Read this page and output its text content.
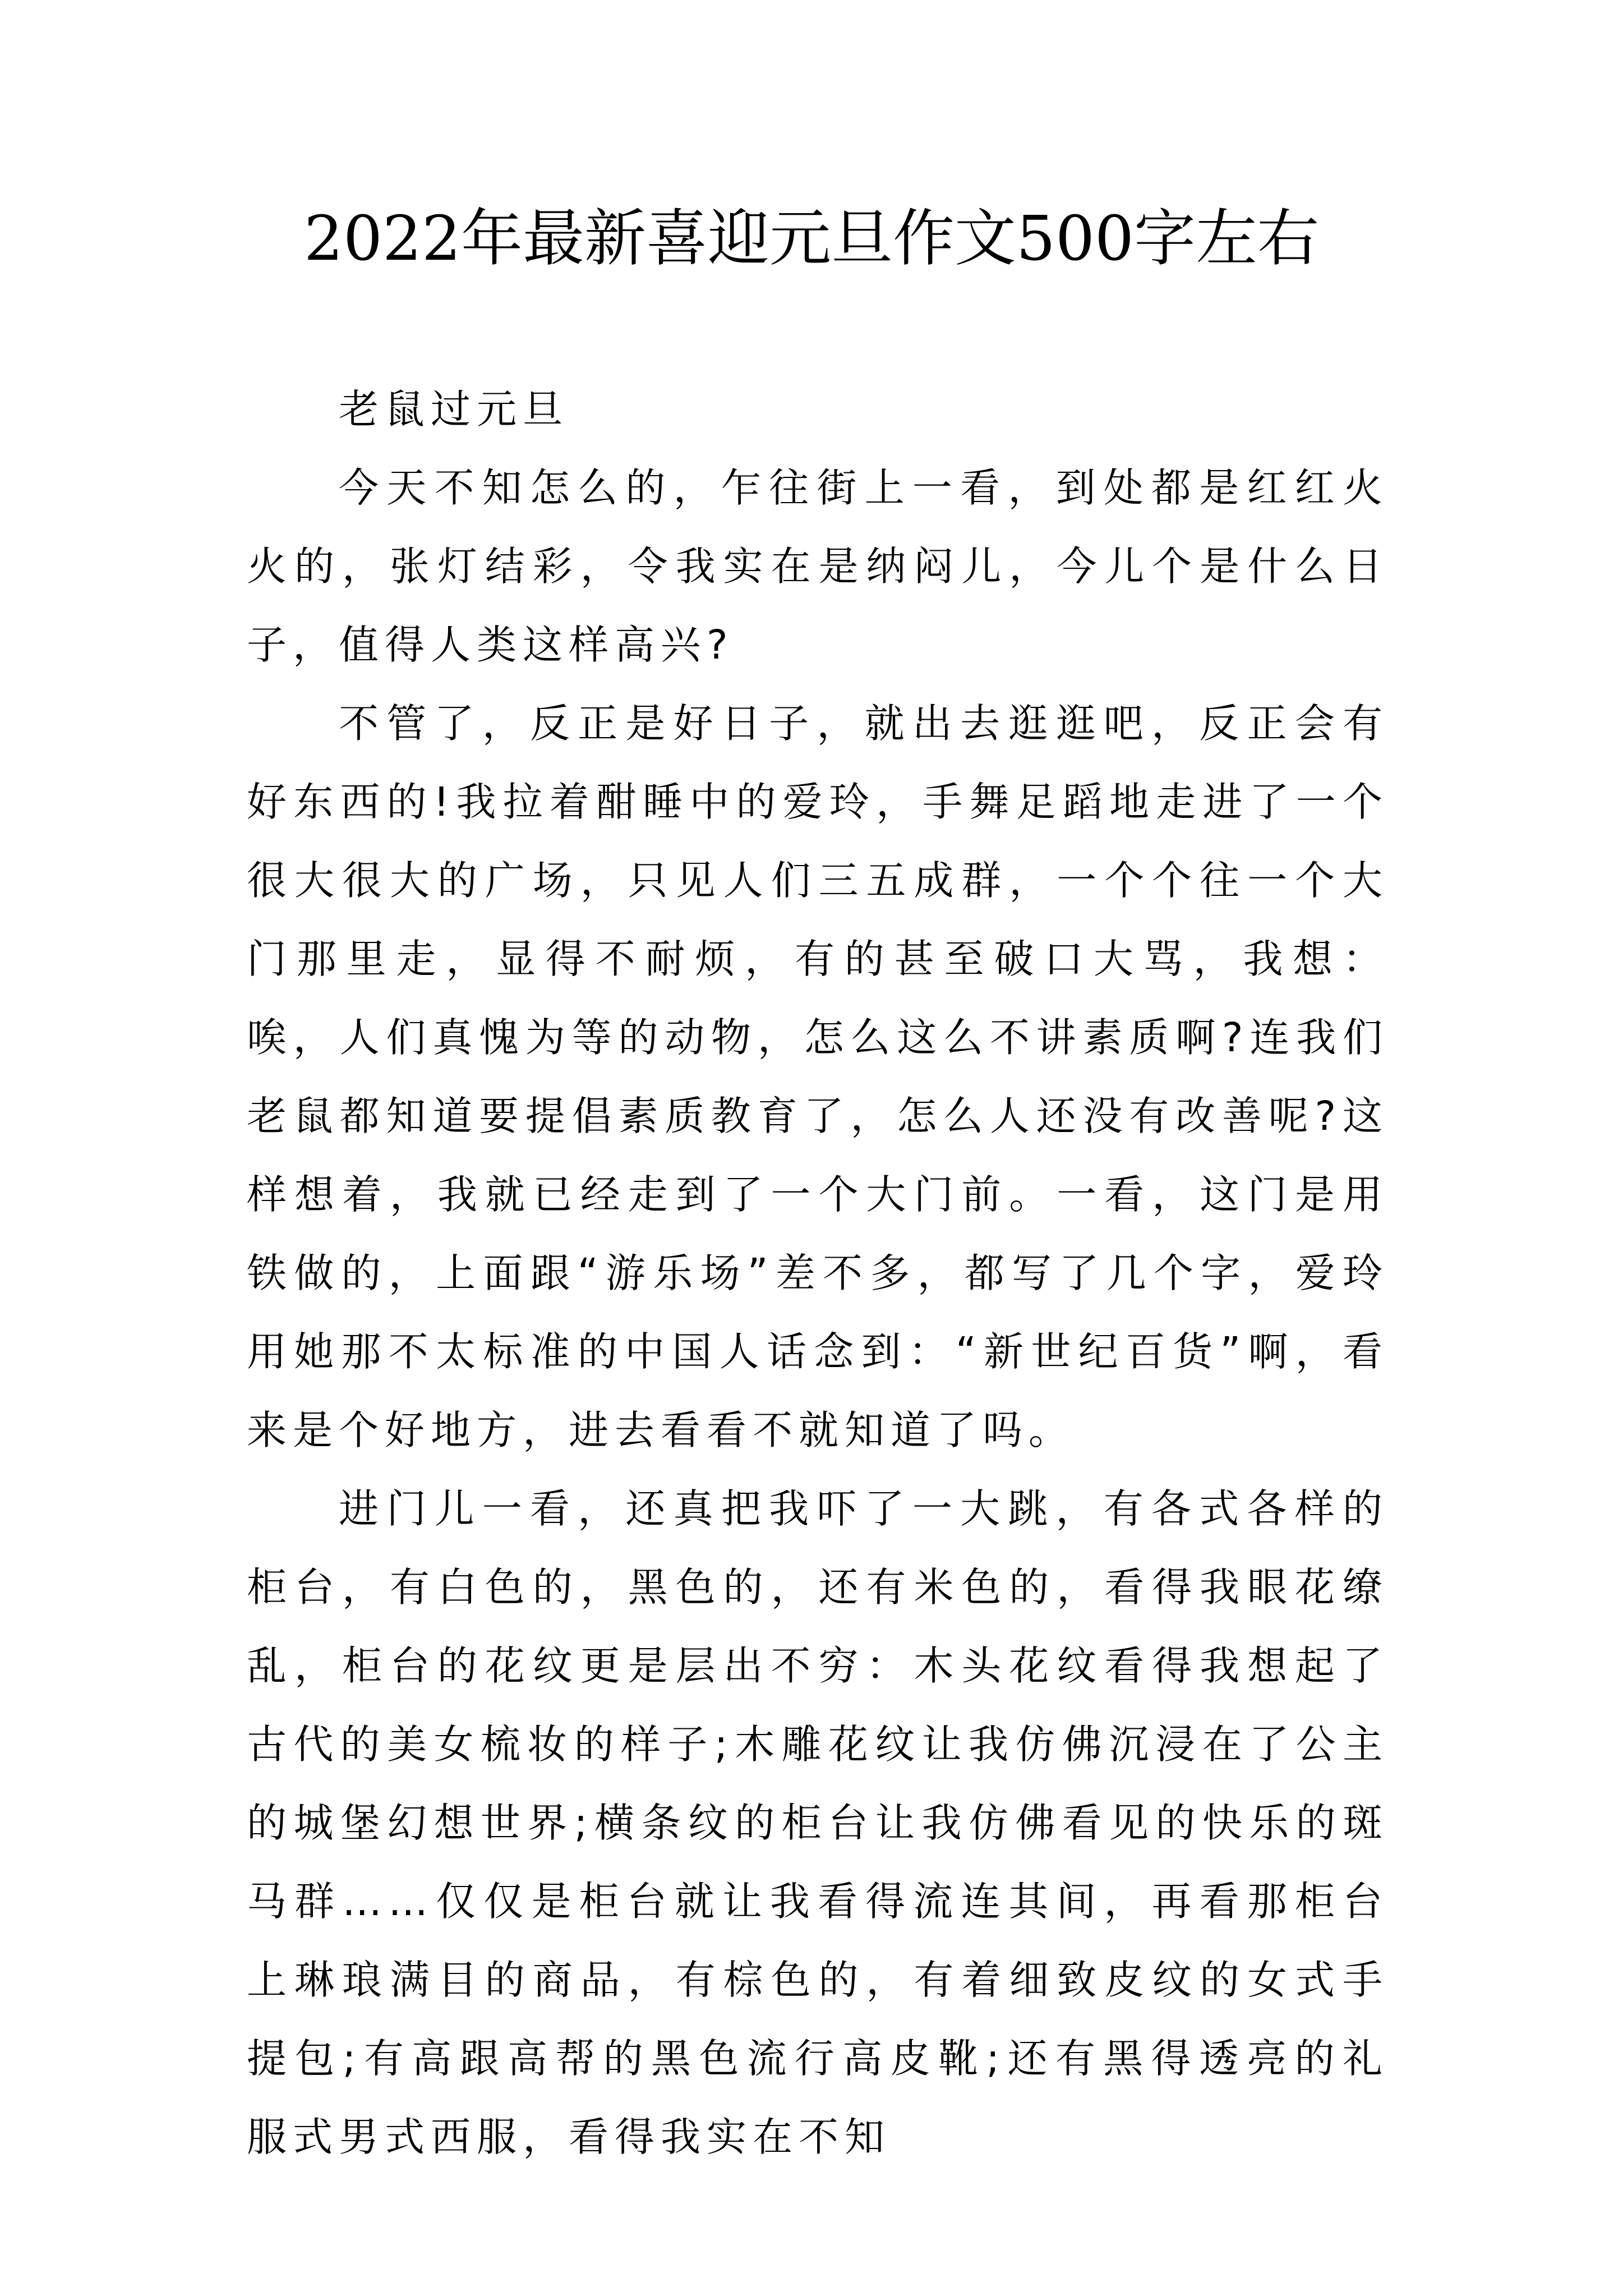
2022年最新喜迎元旦作文500字左右

老鼠过元旦

今天不知怎么的，乍往街上一看，到处都是红红火火的，张灯结彩，令我实在是纳闷儿，今儿个是什么日子，值得人类这样高兴?

不管了，反正是好日子，就出去逛逛吧，反正会有好东西的!我拉着酣睡中的爱玲，手舞足蹈地走进了一个很大很大的广场，只见人们三五成群，一个个往一个大门那里走，显得不耐烦，有的甚至破口大骂，我想：唉，人们真愧为等的动物，怎么这么不讲素质啊?连我们老鼠都知道要提倡素质教育了，怎么人还没有改善呢?这样想着，我就已经走到了一个大门前。一看，这门是用铁做的，上面跟“游乐场”差不多，都写了几个字，爱玲用她那不太标准的中国人话念到：“新世纪百货”啊，看来是个好地方，进去看看不就知道了吗。

进门儿一看，还真把我吓了一大跳，有各式各样的柜台，有白色的，黑色的，还有米色的，看得我眼花缭乱，柜台的花纹更是层出不穷：木头花纹看得我想起了古代的美女梳妆的样子;木雕花纹让我仿佛沉浸在了公主的城堡幻想世界;横条纹的柜台让我仿佛看见的快乐的斑马群……仅仅是柜台就让我看得流连其间，再看那柜台上琳琅满目的商品，有棕色的，有着细致皮纹的女式手提包;有高跟高帮的黑色流行高皮靴;还有黑得透亮的礼服式男式西服，看得我实在不知
